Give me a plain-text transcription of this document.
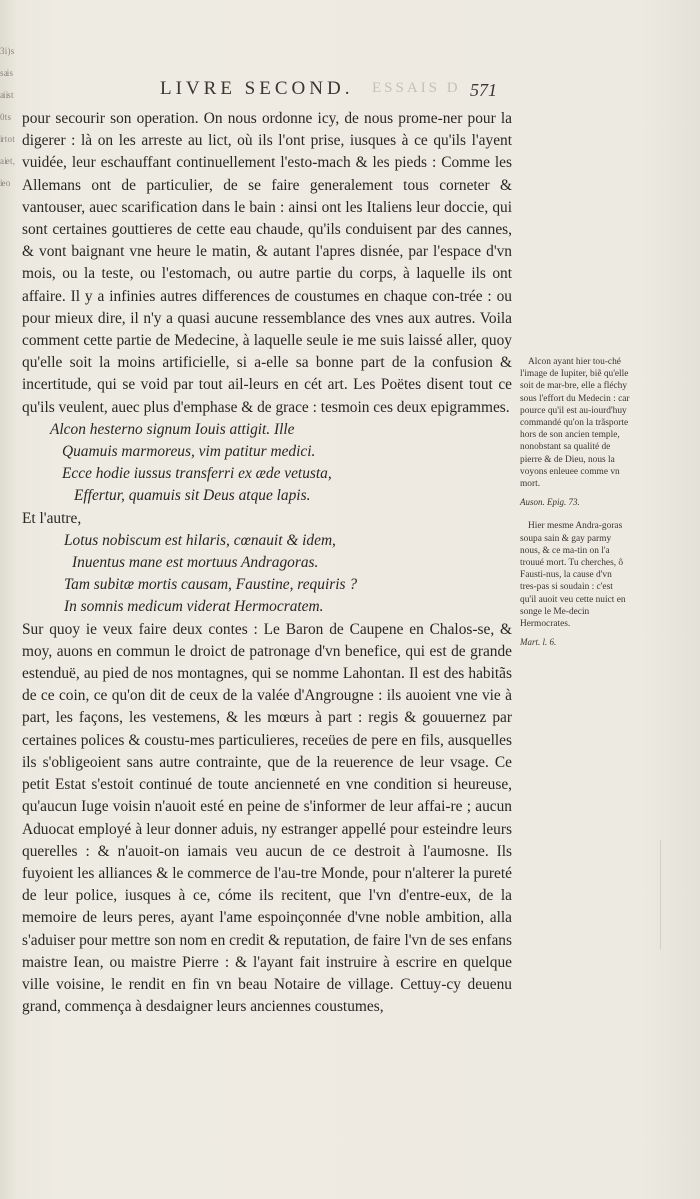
3 i ) s s ai s ai is t 0 t s ir t o t a ie t , ie o
LIVRE SECOND. ESSAIS D 571

pour secourir son operation. On nous ordonne icy, de nous prome-ner pour la digerer : là on les arreste au lict, où ils l'ont prise, iusques à ce qu'ils l'ayent vuidée, leur eschauffant continuellement l'esto-mach & les pieds : Comme les Allemans ont de particulier, de se faire generalement tous corneter & vantouser, auec scarification dans le bain : ainsi ont les Italiens leur doccie, qui sont certaines gouttieres de cette eau chaude, qu'ils conduisent par des cannes, & vont baignant vne heure le matin, & autant l'apres disnée, par l'espace d'vn mois, ou la teste, ou l'estomach, ou autre partie du corps, à laquelle ils ont affaire. Il y a infinies autres differences de coustumes en chaque con-trée : ou pour mieux dire, il n'y a quasi aucune ressemblance des vnes aux autres. Voila comment cette partie de Medecine, à laquelle seule ie me suis laissé aller, quoy qu'elle soit la moins artificielle, si a-elle sa bonne part de la confusion & incertitude, qui se void par tout ail-leurs en cét art. Les Poëtes disent tout ce qu'ils veulent, auec plus d'emphase & de grace : tesmoin ces deux epigrammes.

Alcon hesterno signum Iouis attigit. Ille
Quamuis marmoreus, vim patitur medici.
Ecce hodie iussus transferri ex æde vetusta,
Effertur, quamuis sit Deus atque lapis.

Et l'autre,

Lotus nobiscum est hilaris, cœnauit & idem,
Inuentus mane est mortuus Andragoras.
Tam subitæ mortis causam, Faustine, requiris ?
In somnis medicum viderat Hermocratem.

Sur quoy ie veux faire deux contes : Le Baron de Caupene en Chalos-se, & moy, auons en commun le droict de patronage d'vn benefice, qui est de grande estenduë, au pied de nos montagnes, qui se nomme Lahontan. Il est des habitãs de ce coin, ce qu'on dit de ceux de la valée d'Angrougne : ils auoient vne vie à part, les façons, les vestemens, & les mœurs à part : regis & gouuernez par certaines polices & coustu-mes particulieres, receües de pere en fils, ausquelles ils s'obligeoient sans autre contrainte, que de la reuerence de leur vsage. Ce petit Estat s'estoit continué de toute ancienneté en vne condition si heureuse, qu'aucun Iuge voisin n'auoit esté en peine de s'informer de leur affai-re ; aucun Aduocat employé à leur donner aduis, ny estranger appellé pour esteindre leurs querelles : & n'auoit-on iamais veu aucun de ce destroit à l'aumosne. Ils fuyoient les alliances & le commerce de l'au-tre Monde, pour n'alterer la pureté de leur police, iusques à ce, cóme ils recitent, que l'vn d'entre-eux, de la memoire de leurs peres, ayant l'ame espoinçonnée d'vne noble ambition, alla s'aduiser pour mettre son nom en credit & reputation, de faire l'vn de ses enfans maistre Iean, ou maistre Pierre : & l'ayant fait instruire à escrire en quelque ville voisine, le rendit en fin vn beau Notaire de village. Cettuy-cy deuenu grand, commença à desdaigner leurs anciennes coustumes,

Alcon ayant hier tou-ché l'image de Iupiter, biẽ qu'elle soit de mar-bre, elle a fléchy sous l'effort du Medecin : car pource qu'il est au-iourd'huy commandé qu'on la trãsporte hors de son ancien temple, nonobstant sa qualité de pierre & de Dieu, nous la voyons enleuee comme vn mort.

Auson. Epig. 73.

Hier mesme Andra-goras soupa sain & gay parmy nous, & ce ma-tin on l'a trouué mort. Tu cherches, ô Fausti-nus, la cause d'vn tres-pas si soudain : c'est qu'il auoit veu cette nuict en songe le Me-decin Hermocrates.

Mart. l. 6.
